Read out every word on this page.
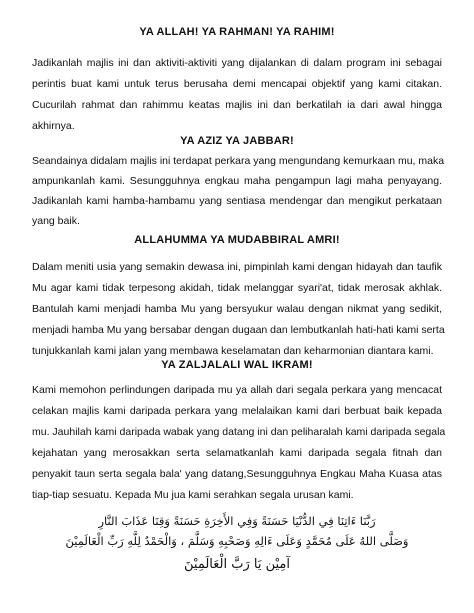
YA ALLAH! YA RAHMAN! YA RAHIM!
Jadikanlah majlis ini dan aktiviti-aktiviti yang dijalankan di dalam program ini sebagai
perintis buat kami untuk terus berusaha demi mencapai objektif yang kami citakan.
Cucurilah rahmat dan rahimmu keatas majlis ini dan berkatilah ia dari awal hingga
akhirnya.
YA AZIZ YA JABBAR!
Seandainya didalam majlis ini terdapat perkara yang mengundang kemurkaan mu, maka
ampunkanlah kami. Sesungguhnya engkau maha pengampun lagi maha penyayang.
Jadikanlah kami hamba-hambamu yang sentiasa mendengar dan mengikut perkataan
yang baik.
ALLAHUMMA YA MUDABBIRAL AMRI!
Dalam meniti usia yang semakin dewasa ini, pimpinlah kami dengan hidayah dan taufik
Mu agar kami tidak terpesong akidah, tidak melanggar syari'at, tidak merosak akhlak.
Bantulah kami menjadi hamba Mu yang bersyukur walau dengan nikmat yang sedikit,
menjadi hamba Mu yang bersabar dengan dugaan dan lembutkanlah hati-hati kami serta
tunjukkanlah kami jalan yang membawa keselamatan dan keharmonian diantara kami.
YA ZALJALALI WAL IKRAM!
Kami memohon perlindungen daripada mu ya allah dari segala perkara yang mencacat
celakan majlis kami daripada perkara yang melalaikan kami dari berbuat baik kepada
mu. Jauhilah kami daripada wabak yang datang ini dan peliharalah kami daripada segala
kejahatan yang merosakkan serta selamatkanlah kami daripada segala fitnah dan
penyakit taun serta segala bala' yang datang,Sesungguhnya Engkau Maha Kuasa atas
tiap-tiap sesuatu. Kepada Mu jua kami serahkan segala urusan kami.
رَبَّنَا ءَاتِنَا فِي الدُّنْيَا حَسَنَةً وَفِي الأَخِرَةِ حَسَنَةً وَقِنَا عَذَابَ النَّارِ
وَصَلَّى اللهُ عَلَى مُحَمَّدٍ وَعَلَى ءَالِهِ وَصَحْبِهِ وَسَلَّمَ ، وَالْحَمْدُ لِلَّهِ رَبِّ الْعَالَمِيْنَ
آمِيْن يَا رَبَّ الْعَالَمِيْنَ
